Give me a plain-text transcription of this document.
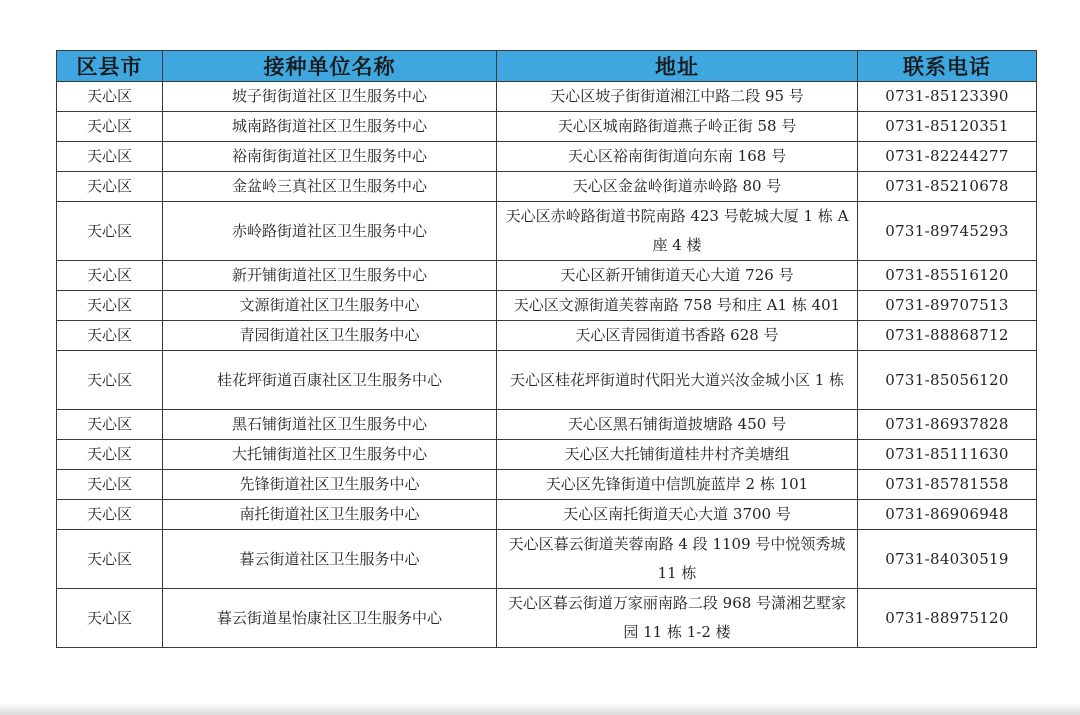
区县市	接种单位名称	地址	联系电话
天心区	坡子街街道社区卫生服务中心	天心区坡子街街道湘江中路二段 95 号	0731-85123390
天心区	城南路街道社区卫生服务中心	天心区城南路街道燕子岭正街 58 号	0731-85120351
天心区	裕南街街道社区卫生服务中心	天心区裕南街街道向东南 168 号	0731-82244277
天心区	金盆岭三真社区卫生服务中心	天心区金盆岭街道赤岭路 80 号	0731-85210678
天心区	赤岭路街道社区卫生服务中心	天心区赤岭路街道书院南路 423 号乾城大厦 1 栋 A 座 4 楼	0731-89745293
天心区	新开铺街道社区卫生服务中心	天心区新开铺街道天心大道 726 号	0731-85516120
天心区	文源街道社区卫生服务中心	天心区文源街道芙蓉南路 758 号和庄 A1 栋 401	0731-89707513
天心区	青园街道社区卫生服务中心	天心区青园街道书香路 628 号	0731-88868712
天心区	桂花坪街道百康社区卫生服务中心	天心区桂花坪街道时代阳光大道兴汝金城小区 1 栋	0731-85056120
天心区	黑石铺街道社区卫生服务中心	天心区黑石铺街道披塘路 450 号	0731-86937828
天心区	大托铺街道社区卫生服务中心	天心区大托铺街道桂井村齐美塘组	0731-85111630
天心区	先锋街道社区卫生服务中心	天心区先锋街道中信凯旋蓝岸 2 栋 101	0731-85781558
天心区	南托街道社区卫生服务中心	天心区南托街道天心大道 3700 号	0731-86906948
天心区	暮云街道社区卫生服务中心	天心区暮云街道芙蓉南路 4 段 1109 号中悦领秀城 11 栋	0731-84030519
天心区	暮云街道星怡康社区卫生服务中心	天心区暮云街道万家丽南路二段 968 号潇湘艺墅家园 11 栋 1-2 楼	0731-88975120
